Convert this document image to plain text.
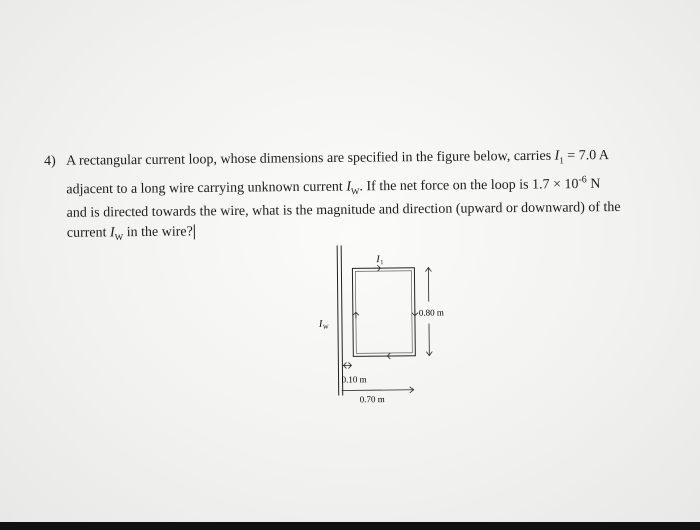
4) A rectangular current loop, whose dimensions are specified in the figure below, carries $I_1 = 7.0$ A
adjacent to a long wire carrying unknown current $I_W$. If the net force on the loop is $1.7 \times 10^{-6}$ N
and is directed towards the wire, what is the magnitude and direction (upward or downward) of the
current $I_W$ in the wire?
I 1
I W
0.80 m
0.10 m
0.70 m
